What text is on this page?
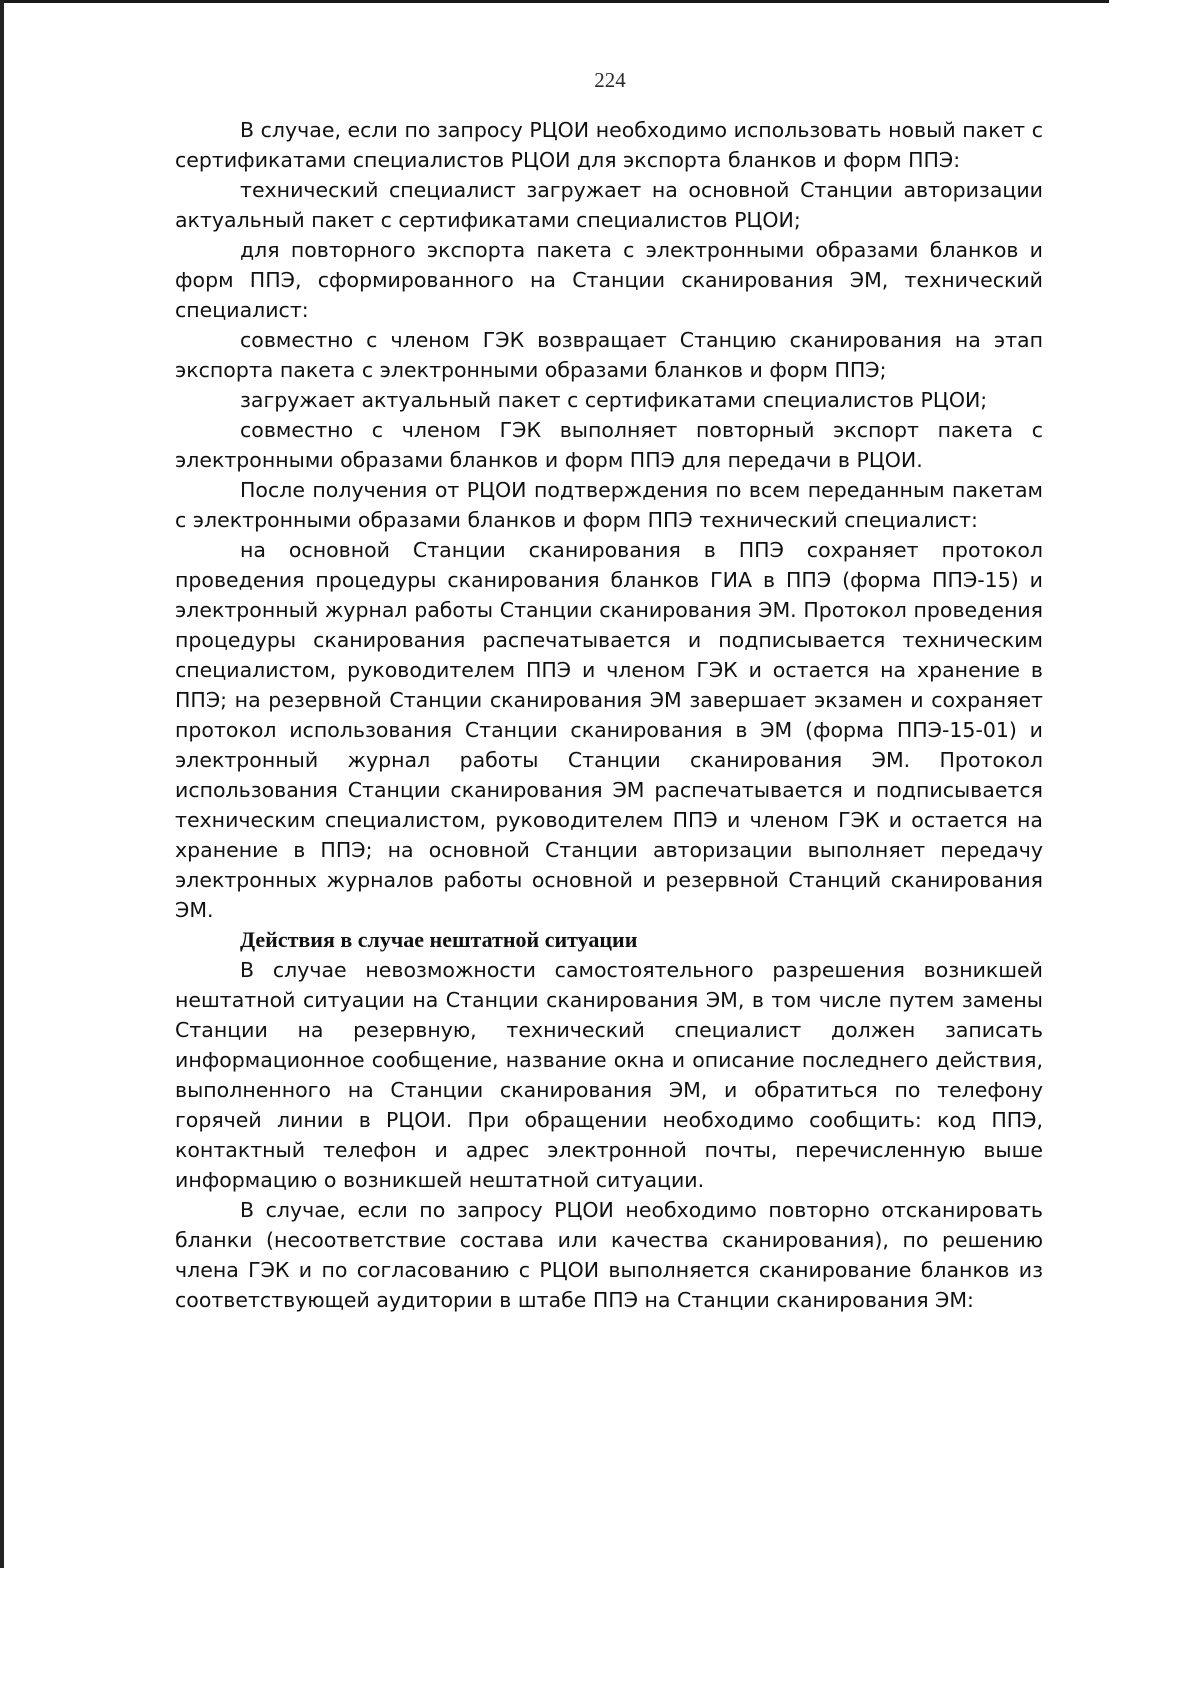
224

В случае, если по запросу РЦОИ необходимо использовать новый пакет с сертификатами специалистов РЦОИ для экспорта бланков и форм ППЭ:

технический специалист загружает на основной Станции авторизации актуальный пакет с сертификатами специалистов РЦОИ;

для повторного экспорта пакета с электронными образами бланков и форм ППЭ, сформированного на Станции сканирования ЭМ, технический специалист:

совместно с членом ГЭК возвращает Станцию сканирования на этап экспорта пакета с электронными образами бланков и форм ППЭ;

загружает актуальный пакет с сертификатами специалистов РЦОИ;

совместно с членом ГЭК выполняет повторный экспорт пакета с электронными образами бланков и форм ППЭ для передачи в РЦОИ.

После получения от РЦОИ подтверждения по всем переданным пакетам с электронными образами бланков и форм ППЭ технический специалист:

на основной Станции сканирования в ППЭ сохраняет протокол проведения процедуры сканирования бланков ГИА в ППЭ (форма ППЭ-15) и электронный журнал работы Станции сканирования ЭМ. Протокол проведения процедуры сканирования распечатывается и подписывается техническим специалистом, руководителем ППЭ и членом ГЭК и остается на хранение в ППЭ; на резервной Станции сканирования ЭМ завершает экзамен и сохраняет протокол использования Станции сканирования в ЭМ (форма ППЭ-15-01) и электронный журнал работы Станции сканирования ЭМ. Протокол использования Станции сканирования ЭМ распечатывается и подписывается техническим специалистом, руководителем ППЭ и членом ГЭК и остается на хранение в ППЭ; на основной Станции авторизации выполняет передачу электронных журналов работы основной и резервной Станций сканирования ЭМ.

Действия в случае нештатной ситуации

В случае невозможности самостоятельного разрешения возникшей нештатной ситуации на Станции сканирования ЭМ, в том числе путем замены Станции на резервную, технический специалист должен записать информационное сообщение, название окна и описание последнего действия, выполненного на Станции сканирования ЭМ, и обратиться по телефону горячей линии в РЦОИ. При обращении необходимо сообщить: код ППЭ, контактный телефон и адрес электронной почты, перечисленную выше информацию о возникшей нештатной ситуации.

В случае, если по запросу РЦОИ необходимо повторно отсканировать бланки (несоответствие состава или качества сканирования), по решению члена ГЭК и по согласованию с РЦОИ выполняется сканирование бланков из соответствующей аудитории в штабе ППЭ на Станции сканирования ЭМ:
